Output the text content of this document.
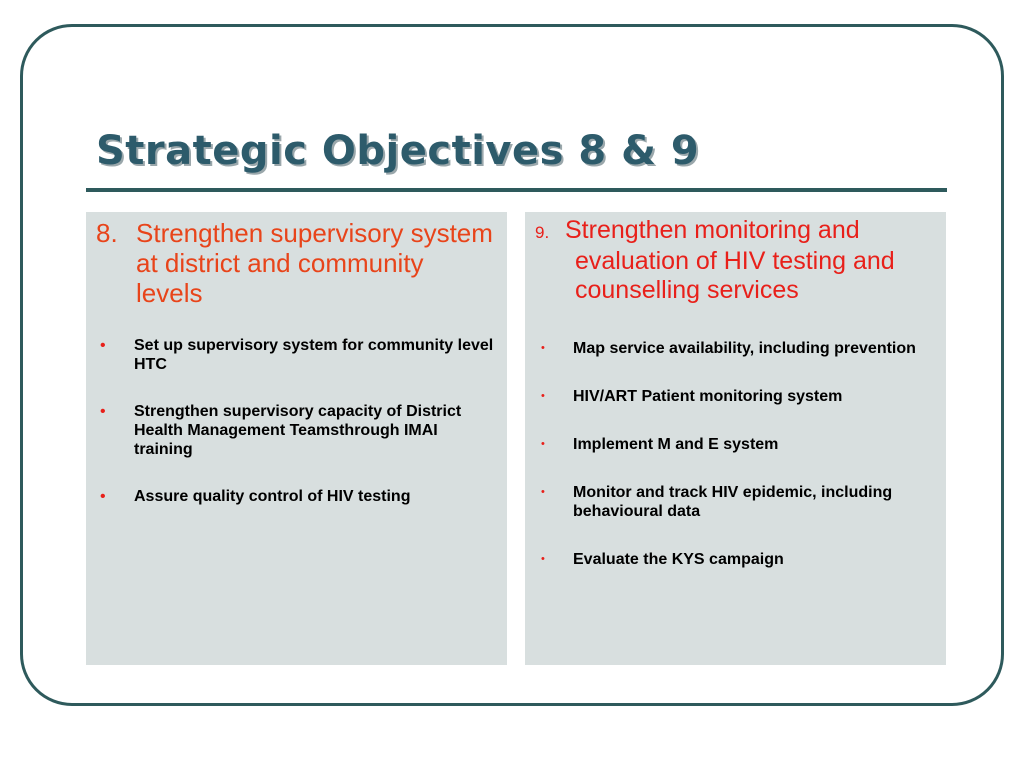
Strategic Objectives 8 & 9

8. Strengthen supervisory system at district and community levels

• Set up supervisory system for community level HTC
• Strengthen supervisory capacity of District Health Management Teamsthrough IMAI training
• Assure quality control of HIV testing

9. Strengthen monitoring and evaluation of HIV testing and counselling services

• Map service availability, including prevention
• HIV/ART Patient monitoring system
• Implement M and E system
• Monitor and track HIV epidemic, including behavioural data
• Evaluate the KYS campaign
